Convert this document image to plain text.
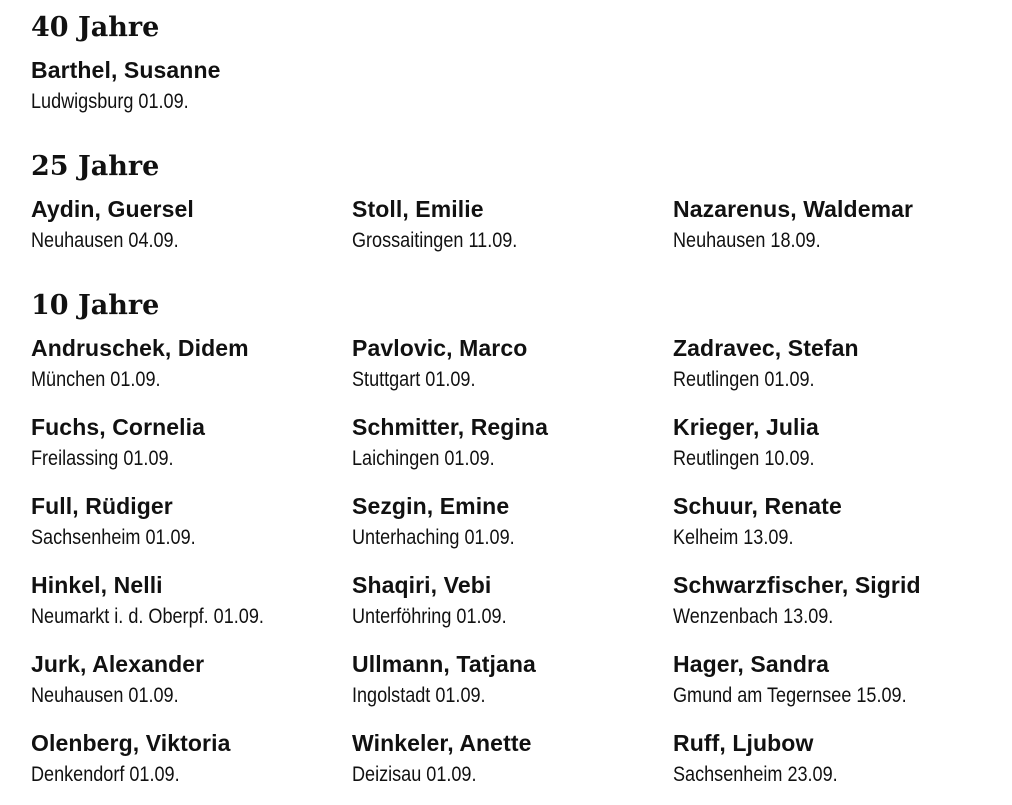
40 Jahre
Barthel, Susanne
Ludwigsburg 01.09.
25 Jahre
Aydin, Guersel
Neuhausen 04.09.
Stoll, Emilie
Grossaitingen 11.09.
Nazarenus, Waldemar
Neuhausen 18.09.
10 Jahre
Andruschek, Didem
München 01.09.
Pavlovic, Marco
Stuttgart 01.09.
Zadravec, Stefan
Reutlingen 01.09.
Fuchs, Cornelia
Freilassing 01.09.
Schmitter, Regina
Laichingen 01.09.
Krieger, Julia
Reutlingen 10.09.
Full, Rüdiger
Sachsenheim 01.09.
Sezgin, Emine
Unterhaching 01.09.
Schuur, Renate
Kelheim 13.09.
Hinkel, Nelli
Neumarkt i. d. Oberpf. 01.09.
Shaqiri, Vebi
Unterföhring 01.09.
Schwarzfischer, Sigrid
Wenzenbach 13.09.
Jurk, Alexander
Neuhausen 01.09.
Ullmann, Tatjana
Ingolstadt 01.09.
Hager, Sandra
Gmund am Tegernsee 15.09.
Olenberg, Viktoria
Denkendorf 01.09.
Winkeler, Anette
Deizisau 01.09.
Ruff, Ljubow
Sachsenheim 23.09.
